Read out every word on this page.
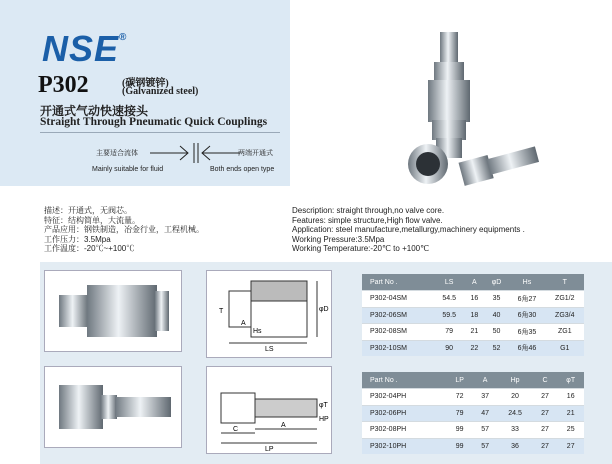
NSE®
P302	(碳钢镀锌)
(Galvanized steel)
开通式气动快速接头
Straight Through Pneumatic Quick Couplings
主要适合流体	两端开通式
Mainly suitable for fluid	Both ends open type
描述：开通式，无阀芯。
特征：结构简单，大流量。
产品应用：钢铁制造，冶金行业，工程机械。
工作压力：3.5Mpa
工作温度：-20℃~+100℃
Description: straight through,no valve core.
Features: simple structure,High flow valve.
Application: steel manufacture,metallurgy,machinery equipments .
Working Pressure:3.5Mpa
Working Temperature:-20℃ to +100℃
T
A
Hs
LS
φD
C
A
LP
φT
HP
Part No .	LS	A	φD	Hs	T
P302-04SM	54.5	16	35	6角27	ZG1/2
P302-06SM	59.5	18	40	6角30	ZG3/4
P302-08SM	79	21	50	6角35	ZG1
P302-10SM	90	22	52	6角46	G1
Part No .	LP	A	Hp	C	φT
P302-04PH	72	37	20	27	16
P302-06PH	79	47	24.5	27	21
P302-08PH	99	57	33	27	25
P302-10PH	99	57	36	27	27
